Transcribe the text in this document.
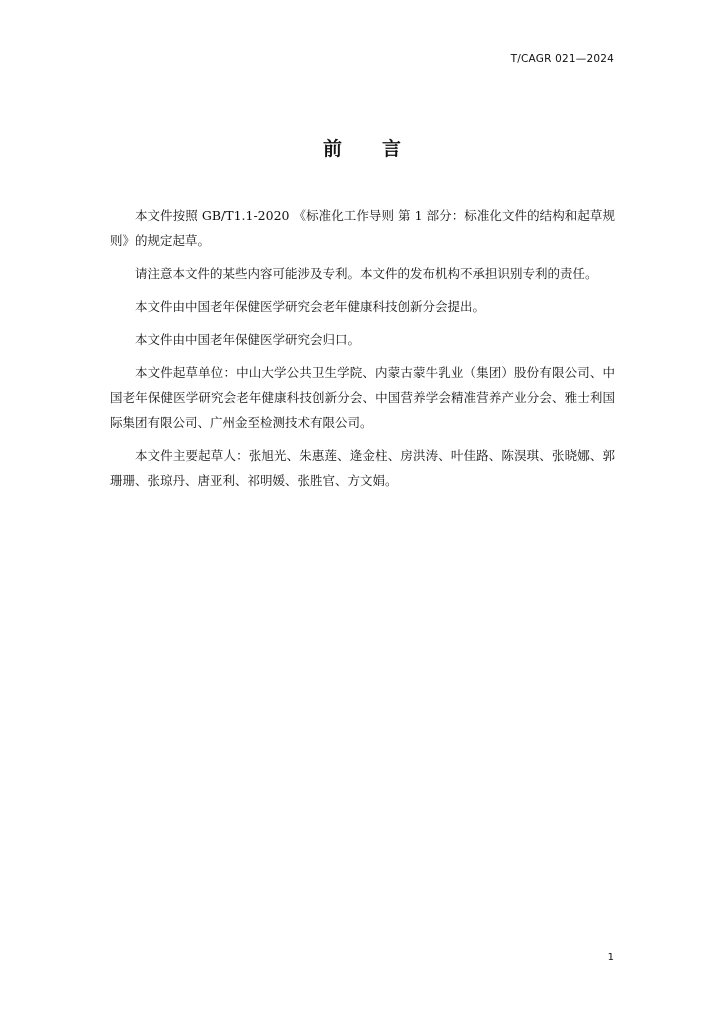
T/CAGR 021—2024
前 言

本文件按照 GB/T1.1-2020 《标准化工作导则 第 1 部分：标准化文件的结构和起草规则》的规定起草。

请注意本文件的某些内容可能涉及专利。本文件的发布机构不承担识别专利的责任。

本文件由中国老年保健医学研究会老年健康科技创新分会提出。

本文件由中国老年保健医学研究会归口。

本文件起草单位：中山大学公共卫生学院、内蒙古蒙牛乳业（集团）股份有限公司、中国老年保健医学研究会老年健康科技创新分会、中国营养学会精准营养产业分会、雅士利国际集团有限公司、广州金至检测技术有限公司。

本文件主要起草人：张旭光、朱惠莲、逄金柱、房洪涛、叶佳路、陈淏琪、张晓娜、郭珊珊、张琼丹、唐亚利、祁明媛、张胜官、方文娟。

1
